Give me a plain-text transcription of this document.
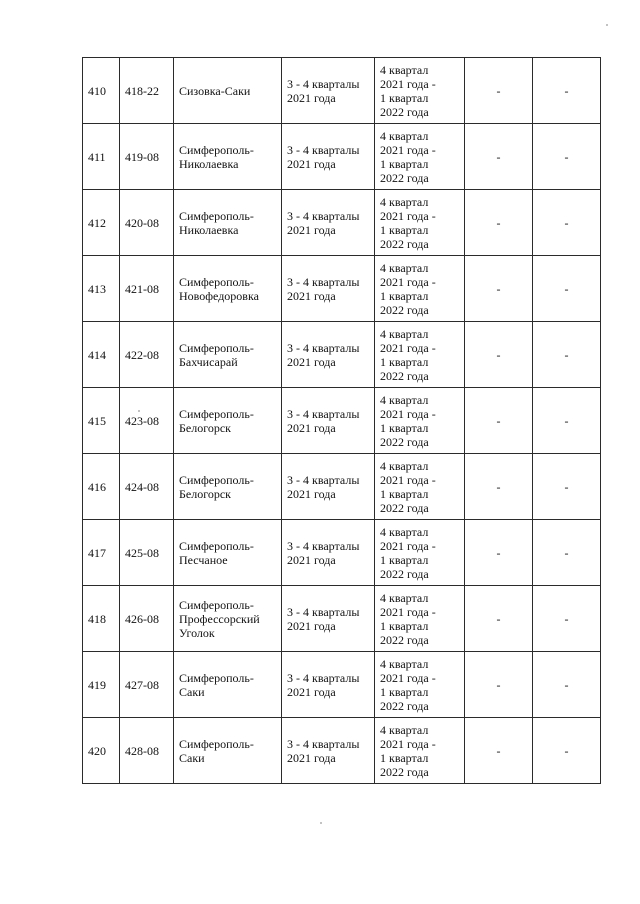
410	418-22	Сизовка-Саки	3 - 4 кварталы
2021 года	4 квартал
2021 года -
1 квартал
2022 года	-	-
411	419-08	Симферополь-
Николаевка	3 - 4 кварталы
2021 года	4 квартал
2021 года -
1 квартал
2022 года	-	-
412	420-08	Симферополь-
Николаевка	3 - 4 кварталы
2021 года	4 квартал
2021 года -
1 квартал
2022 года	-	-
413	421-08	Симферополь-
Новофедоровка	3 - 4 кварталы
2021 года	4 квартал
2021 года -
1 квартал
2022 года	-	-
414	422-08	Симферополь-
Бахчисарай	3 - 4 кварталы
2021 года	4 квартал
2021 года -
1 квартал
2022 года	-	-
415	423-08	Симферополь-
Белогорск	3 - 4 кварталы
2021 года	4 квартал
2021 года -
1 квартал
2022 года	-	-
416	424-08	Симферополь-
Белогорск	3 - 4 кварталы
2021 года	4 квартал
2021 года -
1 квартал
2022 года	-	-
417	425-08	Симферополь-
Песчаное	3 - 4 кварталы
2021 года	4 квартал
2021 года -
1 квартал
2022 года	-	-
418	426-08	Симферополь-
Профессорский
Уголок	3 - 4 кварталы
2021 года	4 квартал
2021 года -
1 квартал
2022 года	-	-
419	427-08	Симферополь-
Саки	3 - 4 кварталы
2021 года	4 квартал
2021 года -
1 квартал
2022 года	-	-
420	428-08	Симферополь-
Саки	3 - 4 кварталы
2021 года	4 квартал
2021 года -
1 квартал
2022 года	-	-
